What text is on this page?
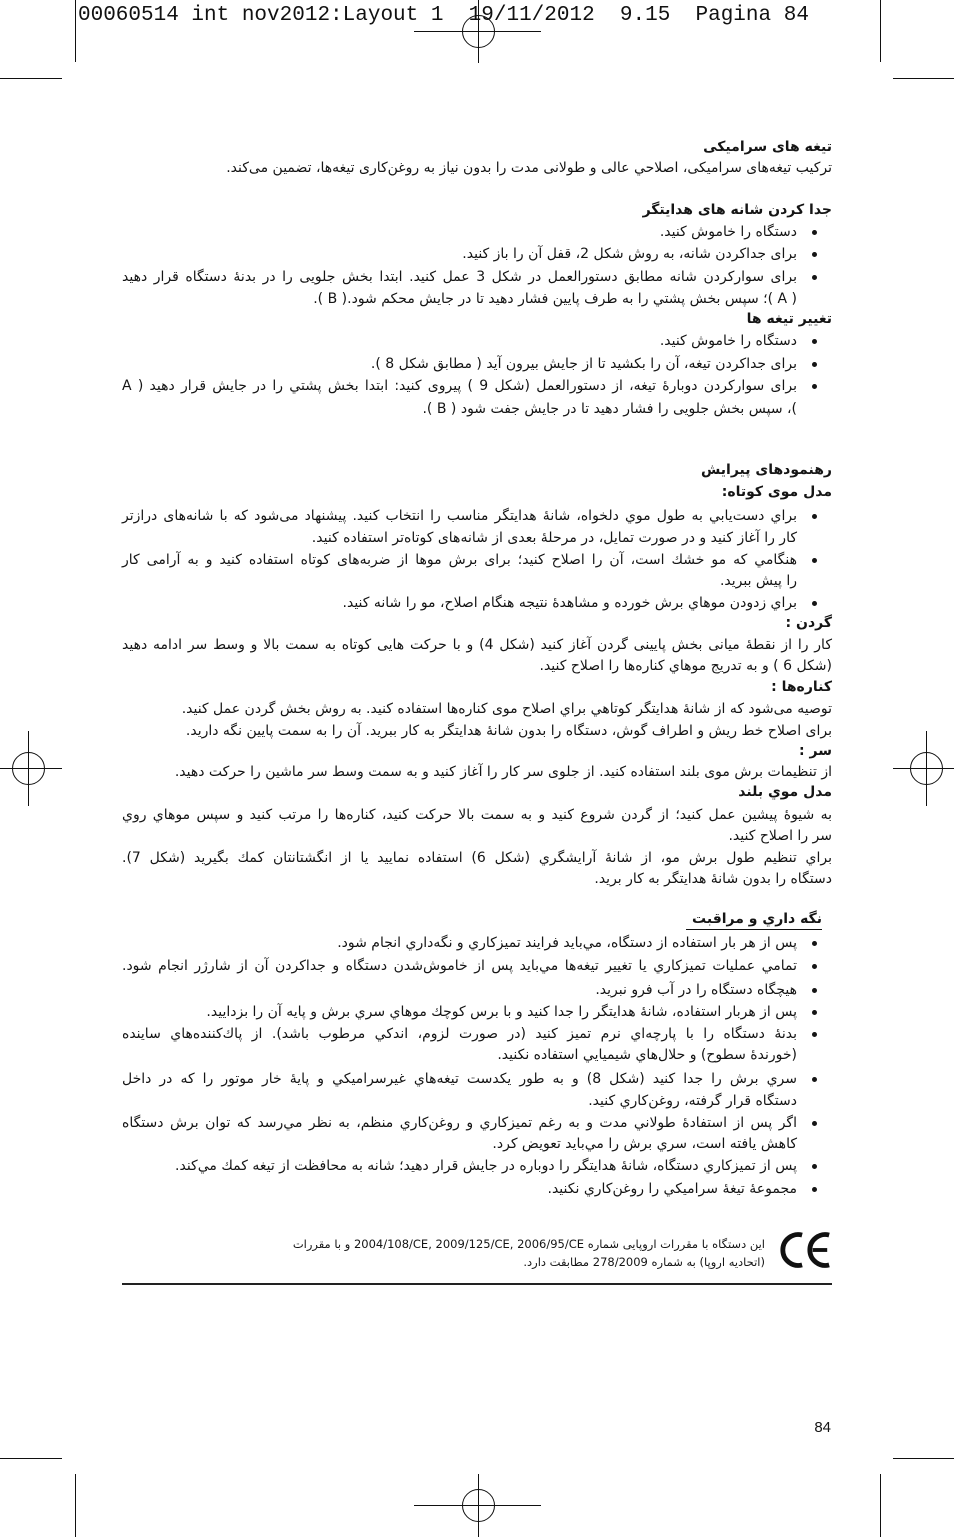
00060514 int nov2012:Layout 1  19/11/2012  9.15  Pagina 84
تیغه های سرامیکی
ترکیب تیغه‌های سرامیکی، اصلاحي عالی و طولانی مدت را بدون نیاز به روغن‌کاری تیغه‌ها، تضمین می‌کند.
جدا کردن شانه های هدایتگر
دستگاه را خاموش کنید.
برای جداکردن شانه، به روش شکل 2، قفل آن را باز کنید.
برای سوارکردن شانه مطابق دستورالعمل در شکل 3 عمل کنید. ابتدا بخش جلویی را در بدنۀ دستگاه قرار دهید
( A )؛ سپس بخش پشتي را به طرف پایین فشار دهید تا در جایش محکم شود.( B ).
تغییر تیغه ها
دستگاه را خاموش کنید.
برای جداکردن تیغه، آن را بکشید تا از جایش بیرون آید ( مطابق شکل 8 ).
برای سوارکردن دوبارۀ تیغه، از دستورالعمل (شکل 9 ) پیروی کنید: ابتدا بخش پشتي را در جایش قرار دهید ( A
)، سپس بخش جلویی را فشار دهید تا در جایش جفت شود ( B ).
رهنمودهای پیرایش
مدل موی کوتاه:
براي دست‌يابي به طول موي دلخواه، شانۀ هدایتگر مناسب را انتخاب کنید. پیشنهاد می‌شود که با شانه‌های درازتر
کار را آغاز کنید و در صورت تمایل، در مرحلۀ بعدی از شانه‌های کوتاه‌تر استفاده کنید.
هنگامي که مو خشك است، آن را اصلاح كنيد؛ برای برش موها از ضربه‌های کوتاه استفاده کنید و به آرامی کار
را پیش ببرید.
براي زدودن موهاي برش خورده و مشاهدۀ نتيجه هنگام اصلاح، مو را شانه کنید.
گردن :
کار را از نقطۀ میانی بخش پایینی گردن آغاز کنید (شکل 4) و با حرکت هایی کوتاه به سمت بالا و وسط سر ادامه دهید
(شکل 6 ) و به تدریج موهاي کناره‌ها را اصلاح کنید.
کناره‌ها :
توصیه می‌شود که از شانۀ هدایتگر کوتاهي براي اصلاح موی کناره‌ها استفاده کنید. به روش بخش گردن عمل کنید.
برای اصلاح خط ریش و اطراف گوش، دستگاه را بدون شانۀ هدایتگر به کار ببرید. آن را به سمت پایین نگه دارید.
سر :
از تنظیمات برش موی بلند استفاده کنید. از جلوی سر کار را آغاز کنید و به سمت وسط سر ماشین را حرکت دهید.
مدل موي بلند
به شیوۀ پیشین عمل کنید؛ از گردن شروع کنید و به سمت بالا حرکت کنید، کناره‌ها را مرتب کنید و سپس موهاي روي
سر را اصلاح کنید.
براي تنظيم طول برش مو، از شانۀ آرايشگري (شكل 6) استفاده نماييد يا از انگشتانتان كمك بگيريد (شكل 7).
دستگاه را بدون شانۀ هدایتگر به کار برید.
نگه داري و مراقبت
پس از هر بار استفاده از دستگاه، مي‌بايد فرايند تميزكاري و نگه‌داري انجام شود.
تمامي عمليات تميزكاري يا تغيير تيغه‌ها مي‌بايد پس از خاموش‌شدن دستگاه و جداكردن آن از شارژر انجام شود.
هیچگاه دستگاه را در آب فرو نبرید.
پس از هربار استفاده، شانۀ هدايتگر را جدا كنيد و با برس كوچك موهاي سري برش و پايه آن را بزداييد.
بدنۀ دستگاه را با پارچه‌اي نرم تميز كنيد (در صورت لزوم، اندكي مرطوب باشد). از پاك‌كننده‌هاي ساينده
(خورندۀ سطوح) و حلال‌هاي شيميايي استفاده نكنيد.
سري برش را جدا كنيد (شكل 8) و به طور يكدست تيغه‌هاي غيرسراميكي و پايۀ خار موتور را كه در داخل
دستگاه قرار گرفته، روغن‌كاري كنيد.
اگر پس از استفادۀ طولاني مدت و به رغم تميزكاري و روغن‌كاري منظم، به نظر مي‌رسد كه توان برش دستگاه
كاهش يافته است، سري برش را مي‌بايد تعويض كرد.
پس از تميزكاري دستگاه، شانۀ هدايتگر را دوباره در جايش قرار دهيد؛ شانه به محافظت از تيغه كمك مي‌كند.
مجموعۀ تيغۀ سراميكي را روغن‌كاري نكنيد.
این دستگاه با مقررات اروپایی شماره 2006/95/CE 2009/125/CE, 2004/108/CE, و با مقررات
(اتحادیه اروپا) به شماره 278/2009 مطابقت دارد.
84
